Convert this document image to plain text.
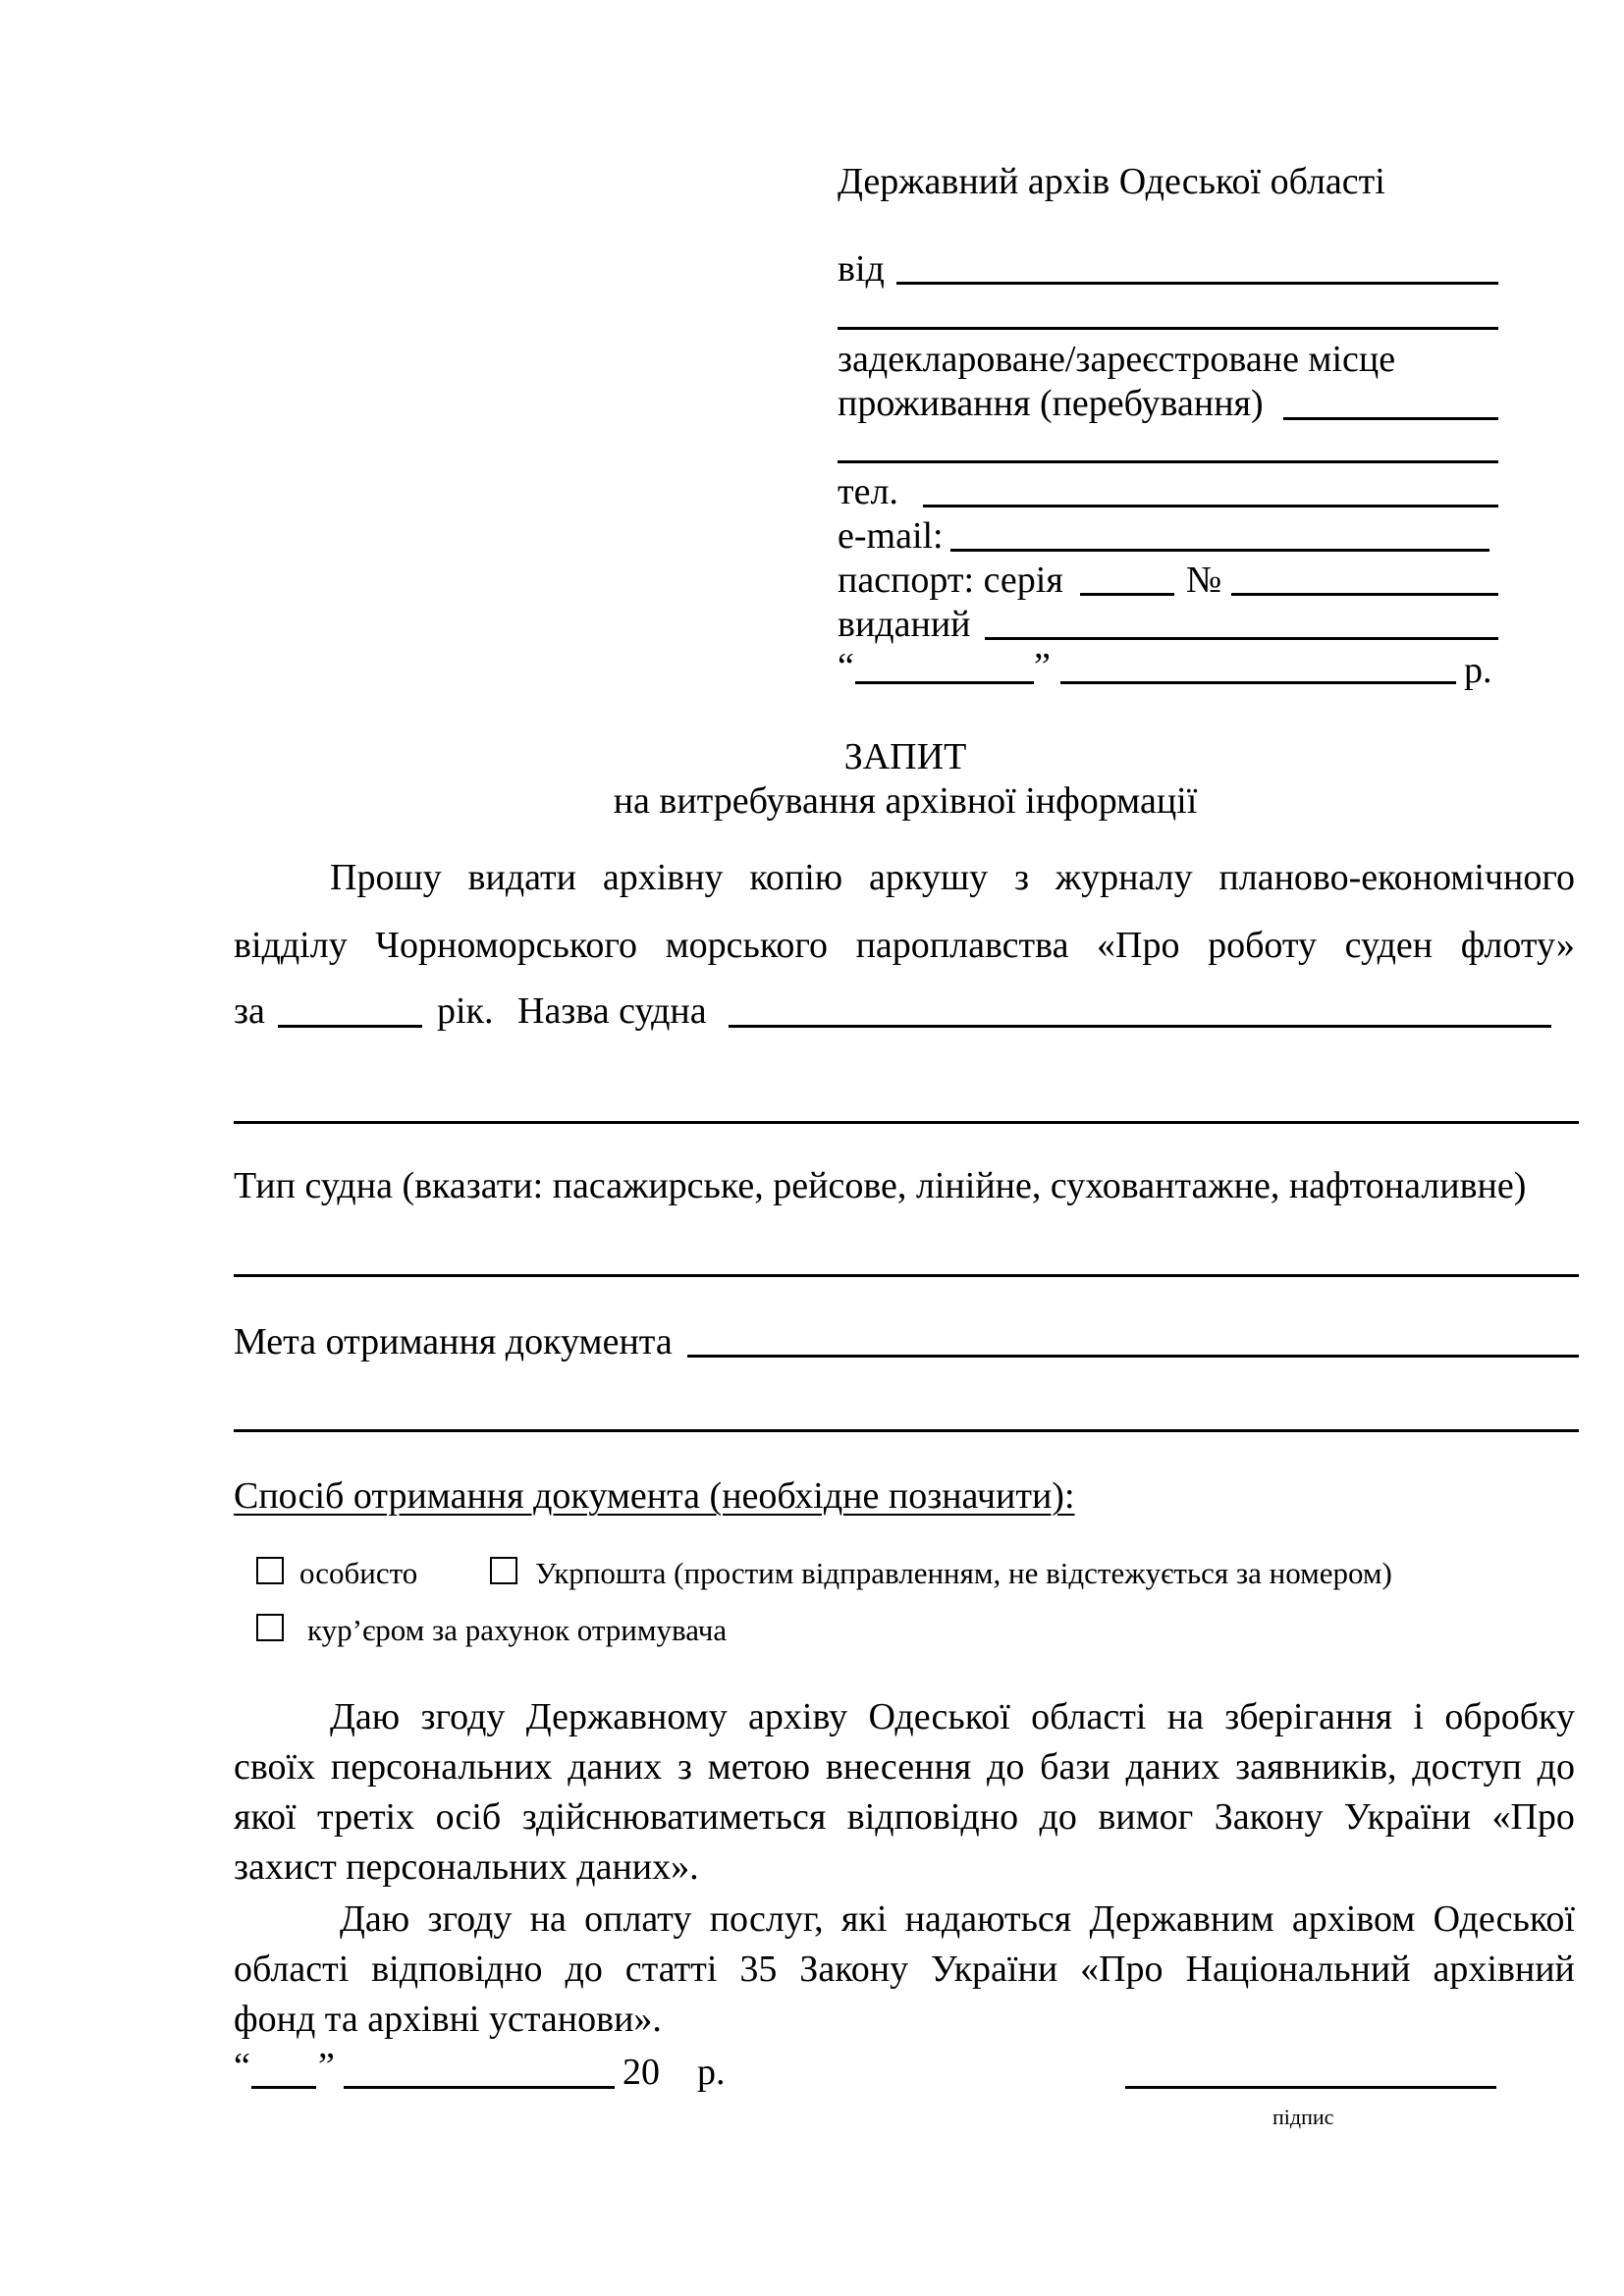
Державний архів Одеської області
від
задеклароване/зареєстроване місце
проживання (перебування)
тел.
e-mail:
паспорт: серія	№
виданий
“	”	р.
ЗАПИТ
на витребування архівної інформації
Прошу видати архівну копію аркушу з журналу планово-економічного
відділу Чорноморського морського пароплавства «Про роботу суден флоту»
за	рік. Назва судна
Тип судна (вказати: пасажирське, рейсове, лінійне, суховантажне, нафтоналивне)
Мета отримання документа
Спосіб отримання документа (необхідне позначити):
особисто	Укрпошта (простим відправленням, не відстежується за номером)
кур’єром за рахунок отримувача
Даю згоду Державному архіву Одеської області на зберігання і обробку
своїх персональних даних з метою внесення до бази даних заявників, доступ до
якої третіх осіб здійснюватиметься відповідно до вимог Закону України «Про
захист персональних даних».
Даю згоду на оплату послуг, які надаються Державним архівом Одеської
області відповідно до статті 35 Закону України «Про Національний архівний
фонд та архівні установи».
“ ”	20 р.
підпис
